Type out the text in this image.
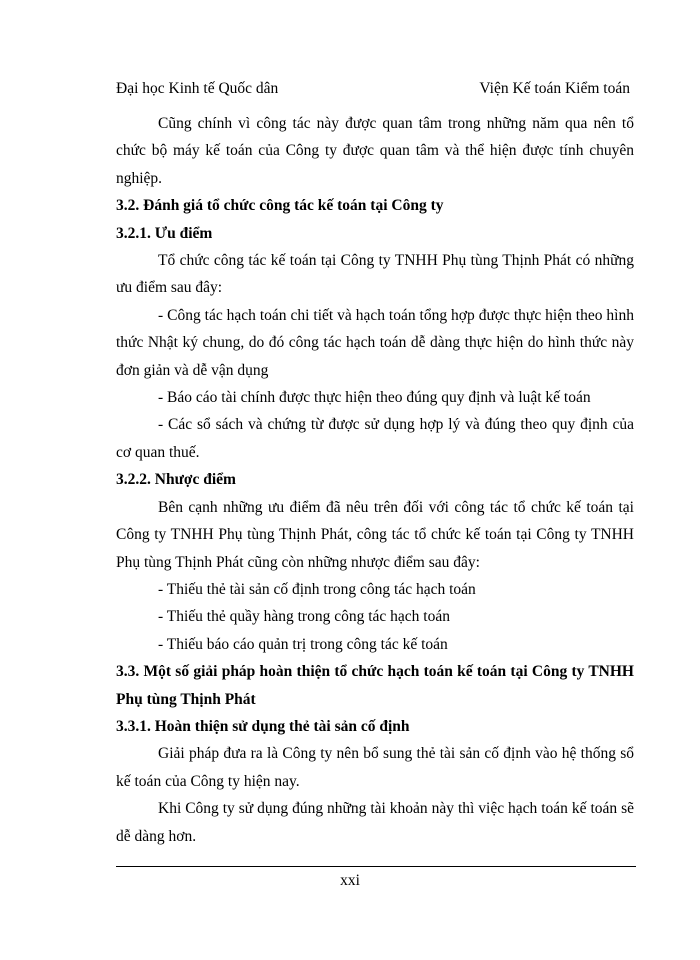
Đại học Kinh tế Quốc dân	Viện Kế toán Kiểm toán

Cũng chính vì công tác này được quan tâm trong những năm qua nên tổ chức bộ máy kế toán của Công ty được quan tâm và thể hiện được tính chuyên nghiệp.

3.2. Đánh giá tổ chức công tác kế toán tại Công ty

3.2.1. Ưu điểm

Tổ chức công tác kế toán tại Công ty TNHH Phụ tùng Thịnh Phát có những ưu điểm sau đây:

- Công tác hạch toán chi tiết và hạch toán tổng hợp được thực hiện theo hình thức Nhật ký chung, do đó công tác hạch toán dễ dàng thực hiện do hình thức này đơn giản và dễ vận dụng

- Báo cáo tài chính được thực hiện theo đúng quy định và luật kế toán

- Các sổ sách và chứng từ được sử dụng hợp lý và đúng theo quy định của cơ quan thuế.

3.2.2. Nhược điểm

Bên cạnh những ưu điểm đã nêu trên đối với công tác tổ chức kế toán tại Công ty TNHH Phụ tùng Thịnh Phát, công tác tổ chức kế toán tại Công ty TNHH Phụ tùng Thịnh Phát cũng còn những nhược điểm sau đây:

- Thiếu thẻ tài sản cố định trong công tác hạch toán

- Thiếu thẻ quầy hàng trong công tác hạch toán

- Thiếu báo cáo quản trị trong công tác kế toán

3.3. Một số giải pháp hoàn thiện tổ chức hạch toán kế toán tại Công ty TNHH Phụ tùng Thịnh Phát

3.3.1. Hoàn thiện sử dụng thẻ tài sản cố định

Giải pháp đưa ra là Công ty nên bổ sung thẻ tài sản cố định vào hệ thống sổ kế toán của Công ty hiện nay.

Khi Công ty sử dụng đúng những tài khoản này thì việc hạch toán kế toán sẽ dễ dàng hơn.

xxi
